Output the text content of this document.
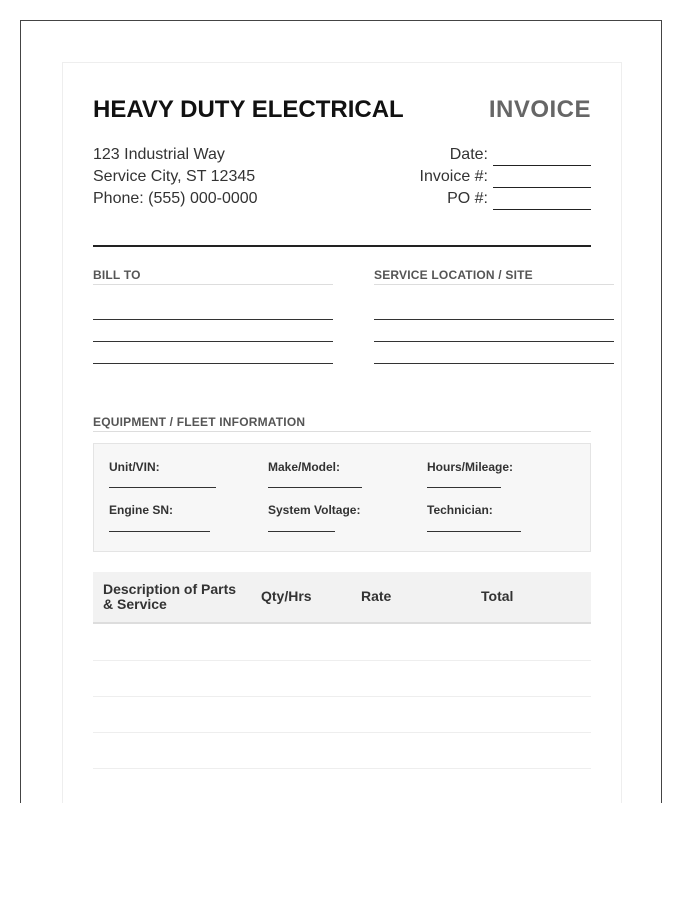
HEAVY DUTY ELECTRICAL	INVOICE
123 Industrial Way
Service City, ST 12345
Phone: (555) 000-0000
Date:
Invoice #:
PO #:
BILL TO	SERVICE LOCATION / SITE
EQUIPMENT / FLEET INFORMATION
Unit/VIN:	Make/Model:	Hours/Mileage:
Engine SN:	System Voltage:	Technician:
Description of Parts & Service	Qty/Hrs	Rate	Total
